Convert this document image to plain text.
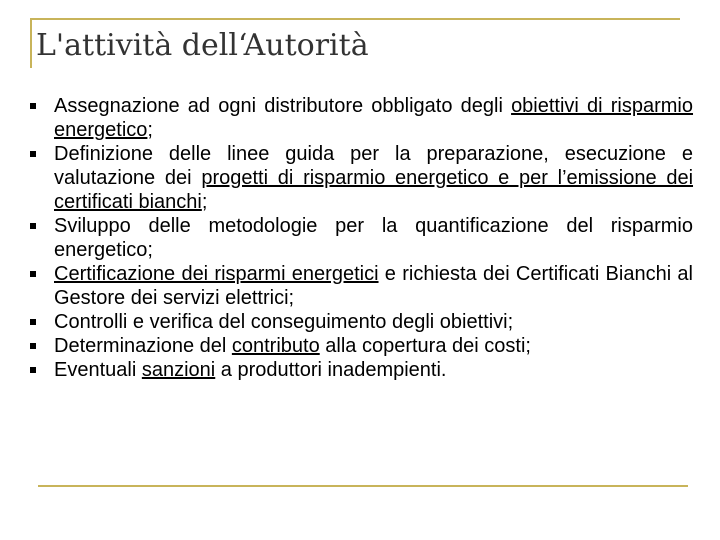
L'attività dell‘Autorità
Assegnazione ad ogni distributore obbligato degli obiettivi di risparmio energetico;
Definizione delle linee guida per la preparazione, esecuzione e valutazione dei progetti di risparmio energetico e per l’emissione dei certificati bianchi;
Sviluppo delle metodologie per la quantificazione del risparmio energetico;
Certificazione dei risparmi energetici e richiesta dei Certificati Bianchi al Gestore dei servizi elettrici;
Controlli e verifica del conseguimento degli obiettivi;
Determinazione del contributo alla copertura dei costi;
Eventuali sanzioni a produttori inadempienti.
